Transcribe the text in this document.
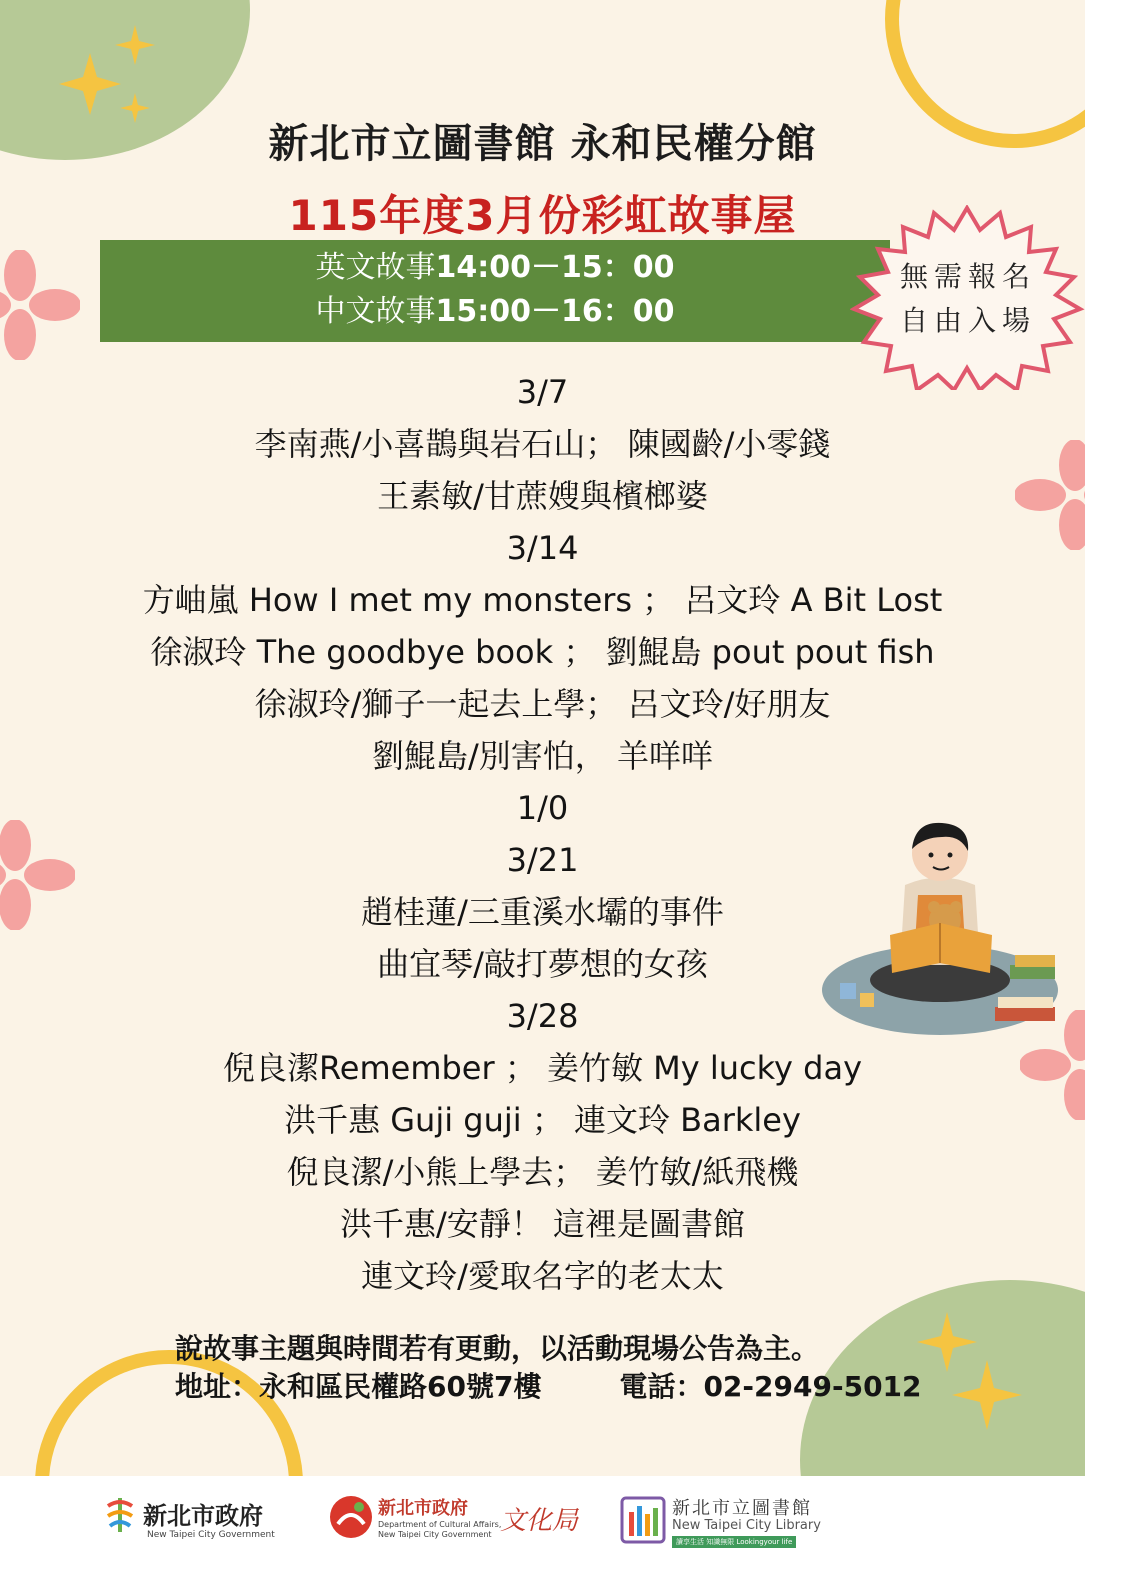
新北市立圖書館 永和民權分館
115年度3月份彩虹故事屋
英文故事14:00－15：00
中文故事15:00－16：00
無需報名
自由入場
3/7
李南燕/小喜鵲與岩石山； 陳國齡/小零錢
王素敏/甘蔗嫂與檳榔婆
3/14
方岫嵐 How I met my monsters ； 呂文玲 A Bit Lost
徐淑玲 The goodbye book ； 劉鯤島 pout pout fish
徐淑玲/獅子一起去上學； 呂文玲/好朋友
劉鯤島/別害怕， 羊咩咩
1/0
3/21
趙桂蓮/三重溪水壩的事件
曲宜琴/敲打夢想的女孩
3/28
倪良潔Remember ； 姜竹敏 My lucky day
洪千惠 Guji guji ； 連文玲 Barkley
倪良潔/小熊上學去； 姜竹敏/紙飛機
洪千惠/安靜！ 這裡是圖書館
連文玲/愛取名字的老太太
說故事主題與時間若有更動，以活動現場公告為主。
地址：永和區民權路60號7樓	電話：02-2949-5012
新北市政府
New Taipei City Government
新北市政府
Department of Cultural Affairs,
New Taipei City Government 文化局	新北市立圖書館
New Taipei City Library
讀享生活 知識無限 Lookingyour life
